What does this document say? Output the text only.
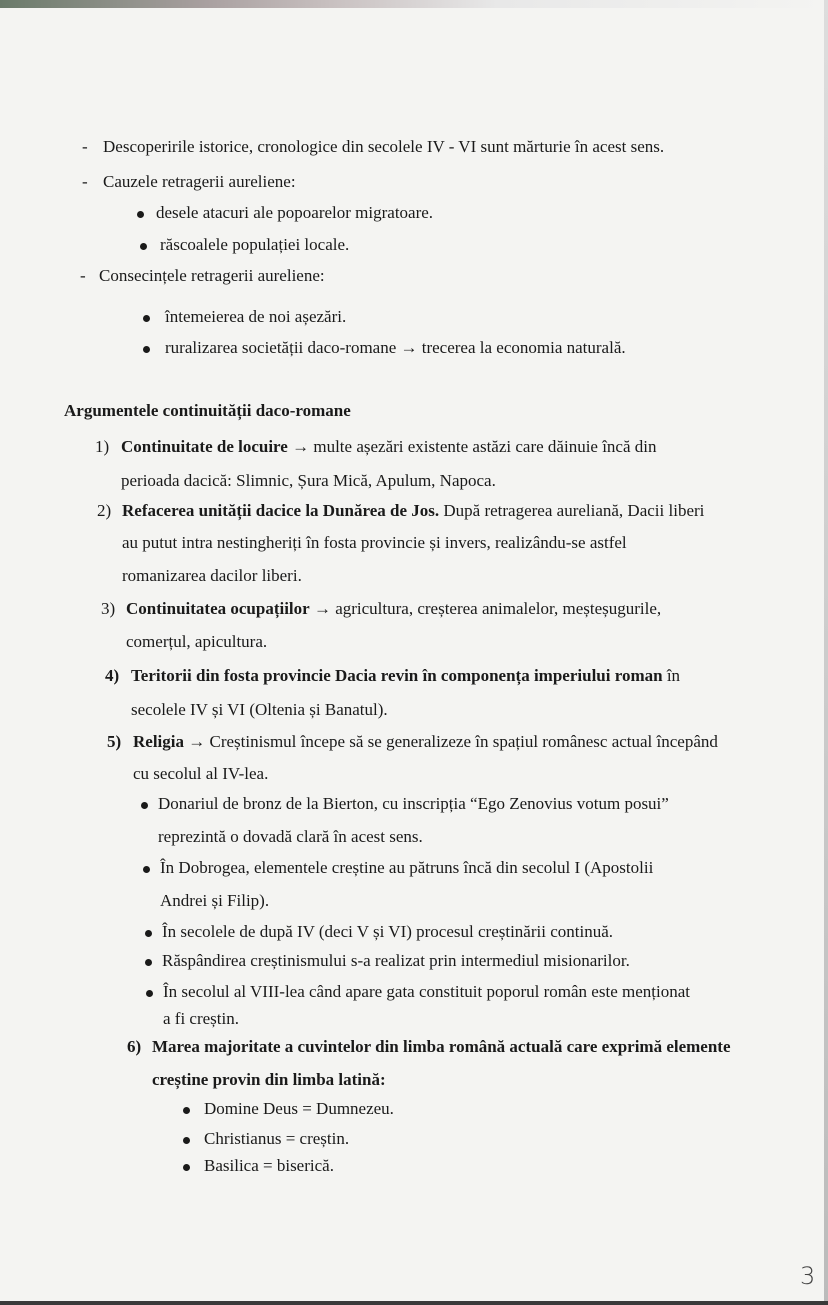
- Descoperirile istorice, cronologice din secolele IV - VI sunt mărturie în acest sens.
- Cauzele retragerii aureliene:
desele atacuri ale popoarelor migratoare.
răscoalele populației locale.
- Consecințele retragerii aureliene:
întemeierea de noi așezări.
ruralizarea societății daco-romane → trecerea la economia naturală.
Argumentele continuității daco-romane
1) Continuitate de locuire → multe așezări existente astăzi care dăinuie încă din
perioada dacică: Slimnic, Șura Mică, Apulum, Napoca.
2) Refacerea unității dacice la Dunărea de Jos. După retragerea aureliană, Dacii liberi
au putut intra nestingheriți în fosta provincie și invers, realizându-se astfel
romanizarea dacilor liberi.
3) Continuitatea ocupațiilor → agricultura, creșterea animalelor, meșteșugurile,
comerțul, apicultura.
4) Teritorii din fosta provincie Dacia revin în componența imperiului roman în
secolele IV și VI (Oltenia și Banatul).
5) Religia → Creștinismul începe să se generalizeze în spațiul românesc actual începând
cu secolul al IV-lea.
Donariul de bronz de la Bierton, cu inscripția “Ego Zenovius votum posui”
reprezintă o dovadă clară în acest sens.
În Dobrogea, elementele creștine au pătruns încă din secolul I (Apostolii
Andrei și Filip).
În secolele de după IV (deci V și VI) procesul creștinării continuă.
Răspândirea creștinismului s-a realizat prin intermediul misionarilor.
În secolul al VIII-lea când apare gata constituit poporul român este menționat
a fi creștin.
6) Marea majoritate a cuvintelor din limba română actuală care exprimă elemente
creștine provin din limba latină:
Domine Deus = Dumnezeu.
Christianus = creștin.
Basilica = biserică.
3
